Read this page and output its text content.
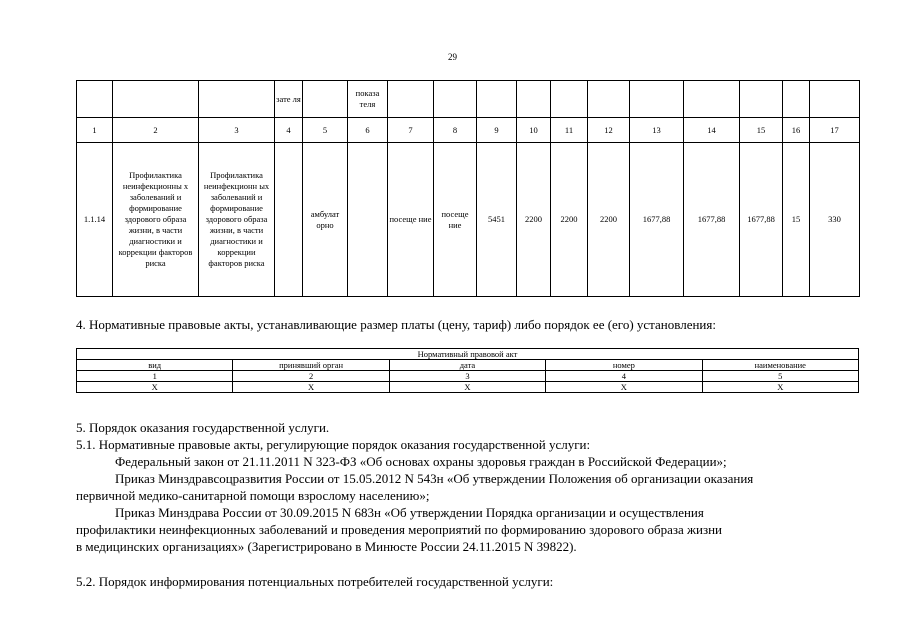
29
			зате ля		показа теля											
1	2	3	4	5	6	7	8	9	10	11	12	13	14	15	16	17
1.1.14	Профилактика неинфекционны х заболеваний и формирование здорового образа жизни, в части диагностики и коррекции факторов риска	Профилактика неинфекционн ых заболеваний и формирование здорового образа жизни, в части диагностики и коррекции факторов риска		амбулат орно		посеще ние	посеще ние	5451	2200	2200	2200	1677,88	1677,88	1677,88	15	330

4. Нормативные правовые акты, устанавливающие размер платы (цену, тариф) либо порядок ее (его) установления:

Нормативный правовой акт				
вид	принявший орган	дата	номер	наименование
1	2	3	4	5
Х	Х	Х	Х	Х

5. Порядок оказания государственной услуги.

5.1. Нормативные правовые акты, регулирующие порядок оказания государственной услуги:

Федеральный закон от 21.11.2011 N 323-ФЗ «Об основах охраны здоровья граждан в Российской Федерации»;

Приказ Минздравсоцразвития России от 15.05.2012 N 543н «Об утверждении Положения об организации оказания

первичной медико-санитарной помощи взрослому населению»;

Приказ Минздрава России от 30.09.2015 N 683н «Об утверждении Порядка организации и осуществления

профилактики неинфекционных заболеваний и проведения мероприятий по формированию здорового образа жизни

в медицинских организациях» (Зарегистрировано в Минюсте России 24.11.2015 N 39822).

5.2. Порядок информирования потенциальных потребителей государственной услуги:
